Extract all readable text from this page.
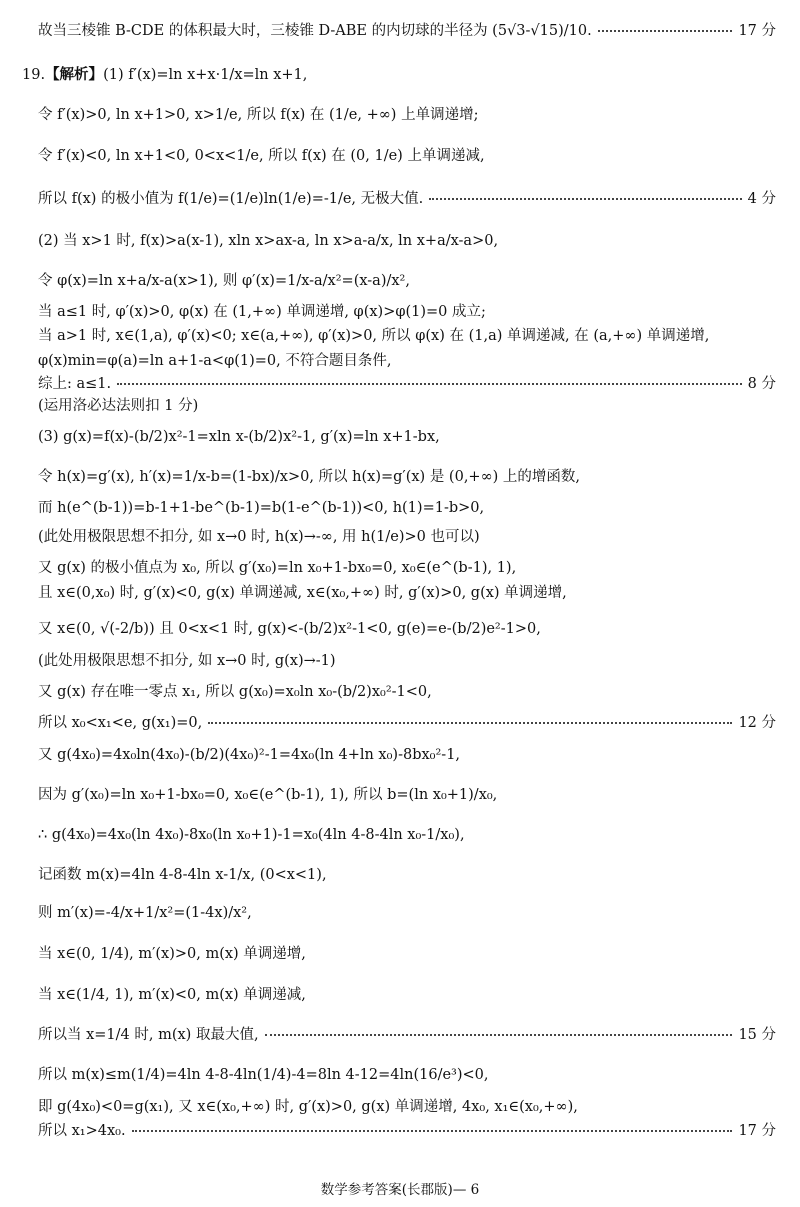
故当三棱锥 B-CDE 的体积最大时，三棱锥 D-ABE 的内切球的半径为 (5√3-√15)/10.	17 分
19. 【解析】 (1) f′(x)=ln x+x·1/x=ln x+1,
令 f′(x)>0, ln x+1>0, x>1/e, 所以 f(x) 在 (1/e, +∞) 上单调递增;
令 f′(x)<0, ln x+1<0, 0<x<1/e, 所以 f(x) 在 (0, 1/e) 上单调递减,
所以 f(x) 的极小值为 f(1/e)=(1/e)ln(1/e)=-1/e, 无极大值.	4 分
(2) 当 x>1 时, f(x)>a(x-1), xln x>ax-a, ln x>a-a/x, ln x+a/x-a>0,
令 φ(x)=ln x+a/x-a(x>1), 则 φ′(x)=1/x-a/x²=(x-a)/x²,
当 a≤1 时, φ′(x)>0, φ(x) 在 (1,+∞) 单调递增, φ(x)>φ(1)=0 成立;
当 a>1 时, x∈(1,a), φ′(x)<0; x∈(a,+∞), φ′(x)>0, 所以 φ(x) 在 (1,a) 单调递减, 在 (a,+∞) 单调递增,
φ(x)min=φ(a)=ln a+1-a<φ(1)=0, 不符合题目条件,
综上: a≤1.	8 分
(运用洛必达法则扣 1 分)
(3) g(x)=f(x)-(b/2)x²-1=xln x-(b/2)x²-1, g′(x)=ln x+1-bx,
令 h(x)=g′(x), h′(x)=1/x-b=(1-bx)/x>0, 所以 h(x)=g′(x) 是 (0,+∞) 上的增函数,
而 h(e^(b-1))=b-1+1-be^(b-1)=b(1-e^(b-1))<0, h(1)=1-b>0,
(此处用极限思想不扣分, 如 x→0 时, h(x)→-∞, 用 h(1/e)>0 也可以)
又 g(x) 的极小值点为 x₀, 所以 g′(x₀)=ln x₀+1-bx₀=0, x₀∈(e^(b-1), 1),
且 x∈(0,x₀) 时, g′(x)<0, g(x) 单调递减, x∈(x₀,+∞) 时, g′(x)>0, g(x) 单调递增,
又 x∈(0, √(-2/b)) 且 0<x<1 时, g(x)<-(b/2)x²-1<0, g(e)=e-(b/2)e²-1>0,
(此处用极限思想不扣分, 如 x→0 时, g(x)→-1)
又 g(x) 存在唯一零点 x₁, 所以 g(x₀)=x₀ln x₀-(b/2)x₀²-1<0,
所以 x₀<x₁<e, g(x₁)=0,	12 分
又 g(4x₀)=4x₀ln(4x₀)-(b/2)(4x₀)²-1=4x₀(ln 4+ln x₀)-8bx₀²-1,
因为 g′(x₀)=ln x₀+1-bx₀=0, x₀∈(e^(b-1), 1), 所以 b=(ln x₀+1)/x₀,
∴ g(4x₀)=4x₀(ln 4x₀)-8x₀(ln x₀+1)-1=x₀(4ln 4-8-4ln x₀-1/x₀),
记函数 m(x)=4ln 4-8-4ln x-1/x, (0<x<1),
则 m′(x)=-4/x+1/x²=(1-4x)/x²,
当 x∈(0, 1/4), m′(x)>0, m(x) 单调递增,
当 x∈(1/4, 1), m′(x)<0, m(x) 单调递减,
所以当 x=1/4 时, m(x) 取最大值,	15 分
所以 m(x)≤m(1/4)=4ln 4-8-4ln(1/4)-4=8ln 4-12=4ln(16/e³)<0,
即 g(4x₀)<0=g(x₁), 又 x∈(x₀,+∞) 时, g′(x)>0, g(x) 单调递增, 4x₀, x₁∈(x₀,+∞),
所以 x₁>4x₀.	17 分
数学参考答案(长郡版)— 6
